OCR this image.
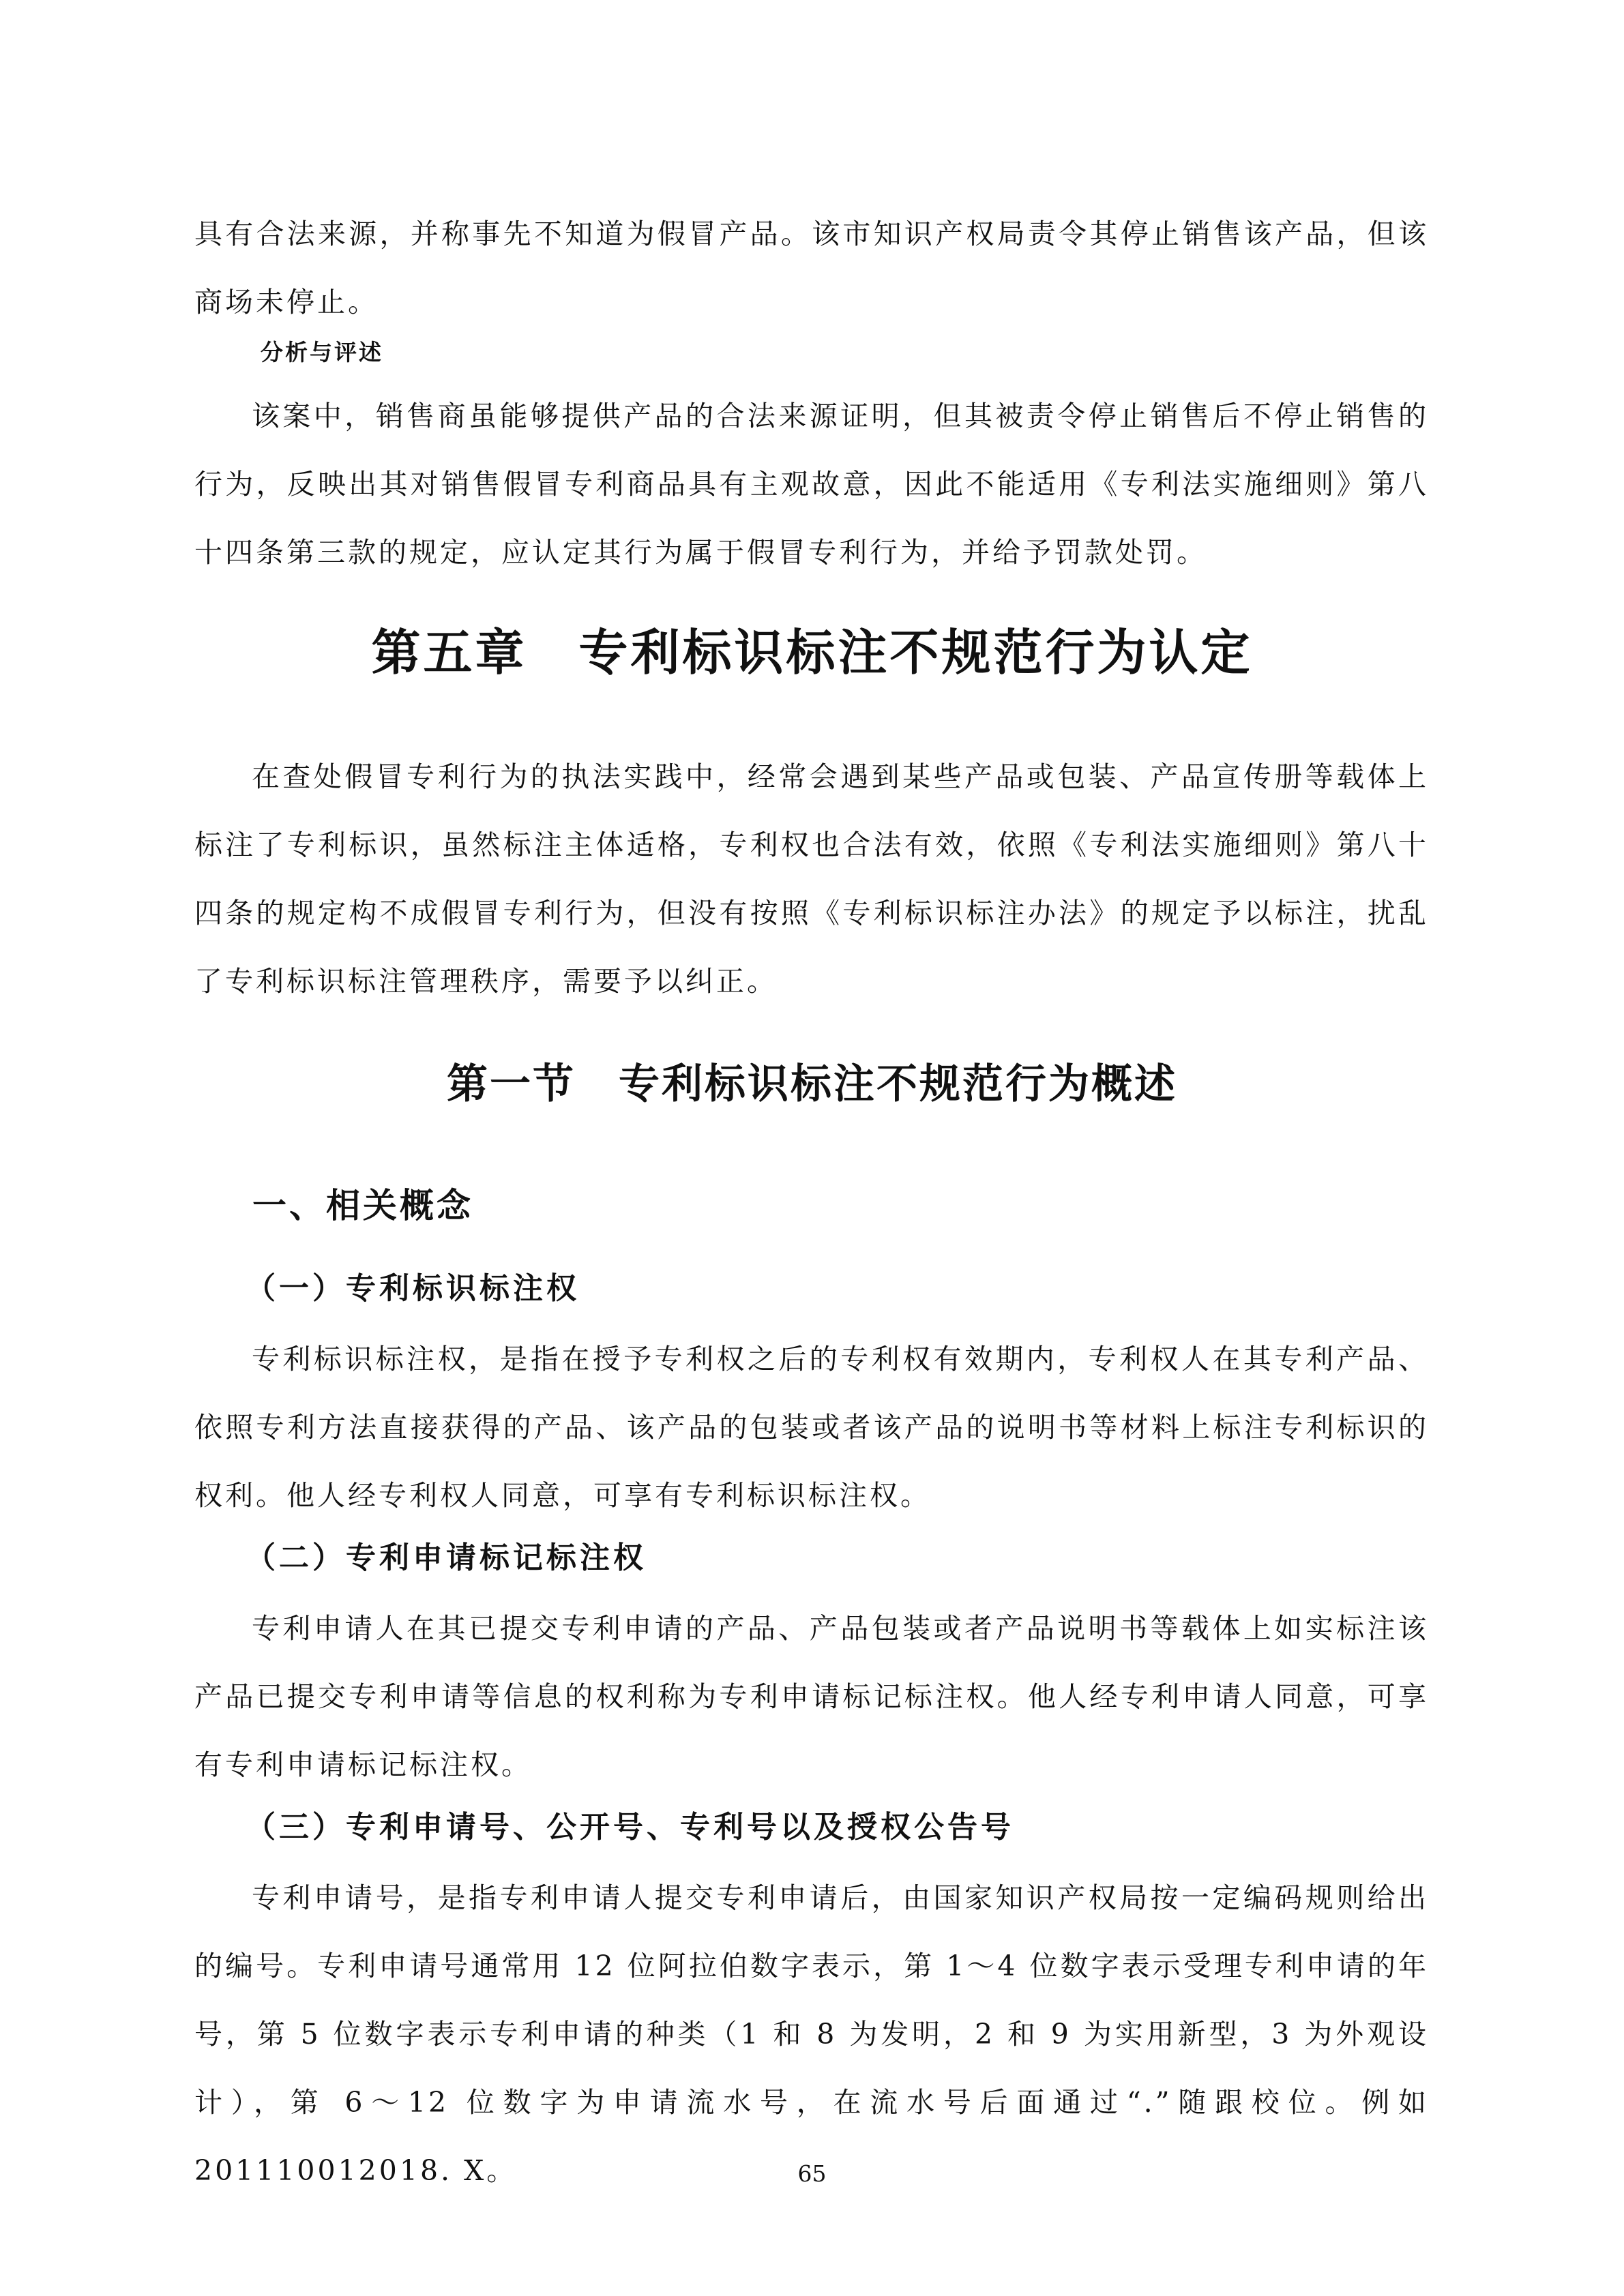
具有合法来源，并称事先不知道为假冒产品。该市知识产权局责令其停止销售该产品，但该商场未停止。

分析与评述

该案中，销售商虽能够提供产品的合法来源证明，但其被责令停止销售后不停止销售的行为，反映出其对销售假冒专利商品具有主观故意，因此不能适用《专利法实施细则》第八十四条第三款的规定，应认定其行为属于假冒专利行为，并给予罚款处罚。

第五章　专利标识标注不规范行为认定

在查处假冒专利行为的执法实践中，经常会遇到某些产品或包装、产品宣传册等载体上标注了专利标识，虽然标注主体适格，专利权也合法有效，依照《专利法实施细则》第八十四条的规定构不成假冒专利行为，但没有按照《专利标识标注办法》的规定予以标注，扰乱了专利标识标注管理秩序，需要予以纠正。

第一节　专利标识标注不规范行为概述
一、相关概念
（一）专利标识标注权

专利标识标注权，是指在授予专利权之后的专利权有效期内，专利权人在其专利产品、依照专利方法直接获得的产品、该产品的包装或者该产品的说明书等材料上标注专利标识的权利。他人经专利权人同意，可享有专利标识标注权。

（二）专利申请标记标注权

专利申请人在其已提交专利申请的产品、产品包装或者产品说明书等载体上如实标注该产品已提交专利申请等信息的权利称为专利申请标记标注权。他人经专利申请人同意，可享有专利申请标记标注权。

（三）专利申请号、公开号、专利号以及授权公告号

专利申请号，是指专利申请人提交专利申请后，由国家知识产权局按一定编码规则给出的编号。专利申请号通常用 12 位阿拉伯数字表示，第 1～4 位数字表示受理专利申请的年号，第 5 位数字表示专利申请的种类（1 和 8 为发明，2 和 9 为实用新型，3 为外观设计），第 6～12 位数字为申请流水号，在流水号后面通过“.”随跟校位。例如 201110012018. X。	65
